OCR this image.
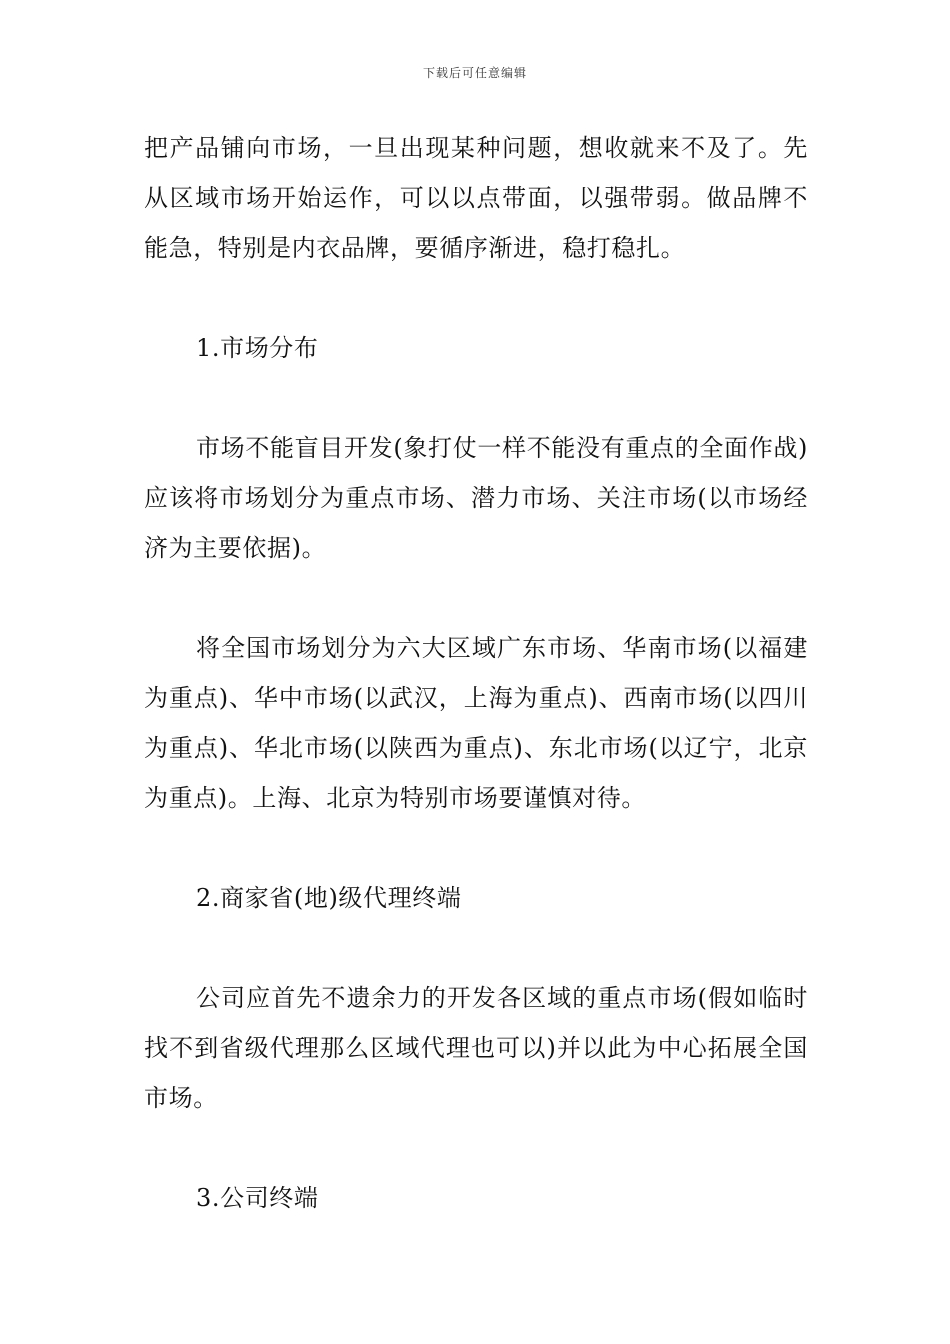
下载后可任意编辑

把产品铺向市场，一旦出现某种问题，想收就来不及了。先从区域市场开始运作，可以以点带面，以强带弱。做品牌不能急，特别是内衣品牌，要循序渐进，稳打稳扎。

1.市场分布

市场不能盲目开发(象打仗一样不能没有重点的全面作战)应该将市场划分为重点市场、潜力市场、关注市场(以市场经济为主要依据)。

将全国市场划分为六大区域广东市场、华南市场(以福建为重点)、华中市场(以武汉，上海为重点)、西南市场(以四川为重点)、华北市场(以陕西为重点)、东北市场(以辽宁，北京为重点)。上海、北京为特别市场要谨慎对待。

2.商家省(地)级代理终端

公司应首先不遗余力的开发各区域的重点市场(假如临时找不到省级代理那么区域代理也可以)并以此为中心拓展全国市场。

3.公司终端
